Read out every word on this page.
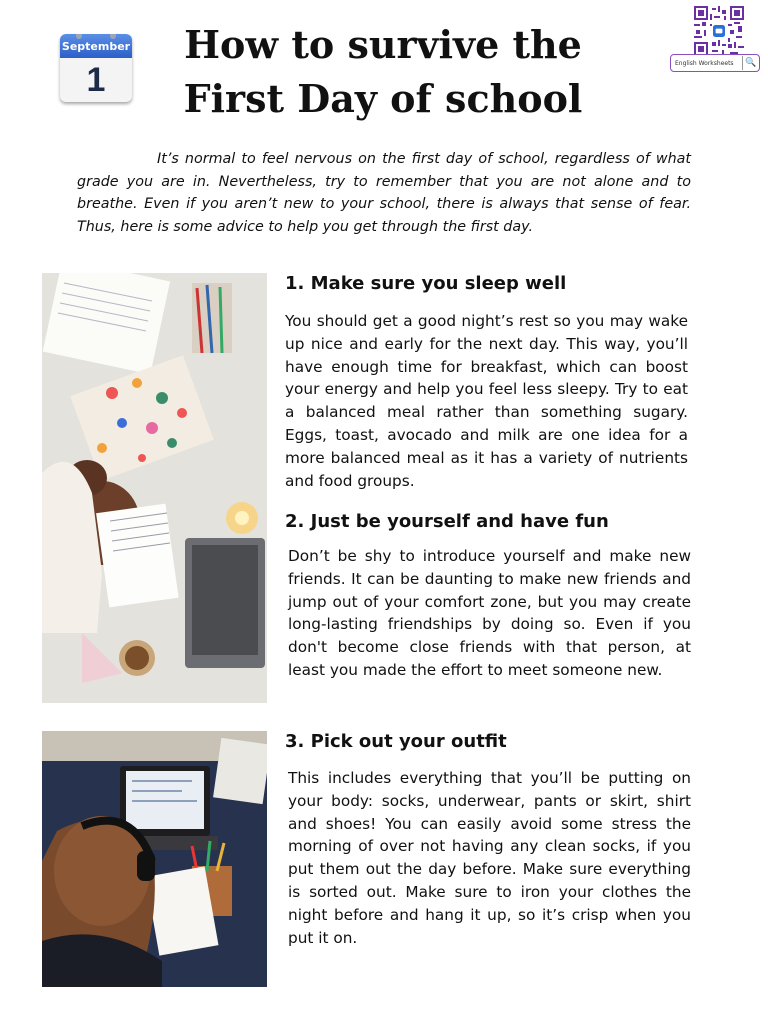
September
1
How to survive the
First Day of school
English Worksheets	🔍

It’s normal to feel nervous on the first day of school, regardless of what grade you are in. Nevertheless, try to remember that you are not alone and to breathe. Even if you aren’t new to your school, there is always that sense of fear. Thus, here is some advice to help you get through the first day.

1. Make sure you sleep well

You should get a good night’s rest so you may wake up nice and early for the next day. This way, you’ll have enough time for breakfast, which can boost your energy and help you feel less sleepy. Try to eat a balanced meal rather than something sugary. Eggs, toast, avocado and milk are one idea for a more balanced meal as it has a variety of nutrients and food groups.

2. Just be yourself and have fun

Don’t be shy to introduce yourself and make new friends. It can be daunting to make new friends and jump out of your comfort zone, but you may create long-lasting friendships by doing so. Even if you don't become close friends with that person, at least you made the effort to meet someone new.

3. Pick out your outfit

This includes everything that you’ll be putting on your body: socks, underwear, pants or skirt, shirt and shoes! You can easily avoid some stress the morning of over not having any clean socks, if you put them out the day before. Make sure everything is sorted out. Make sure to iron your clothes the night before and hang it up, so it’s crisp when you put it on.
